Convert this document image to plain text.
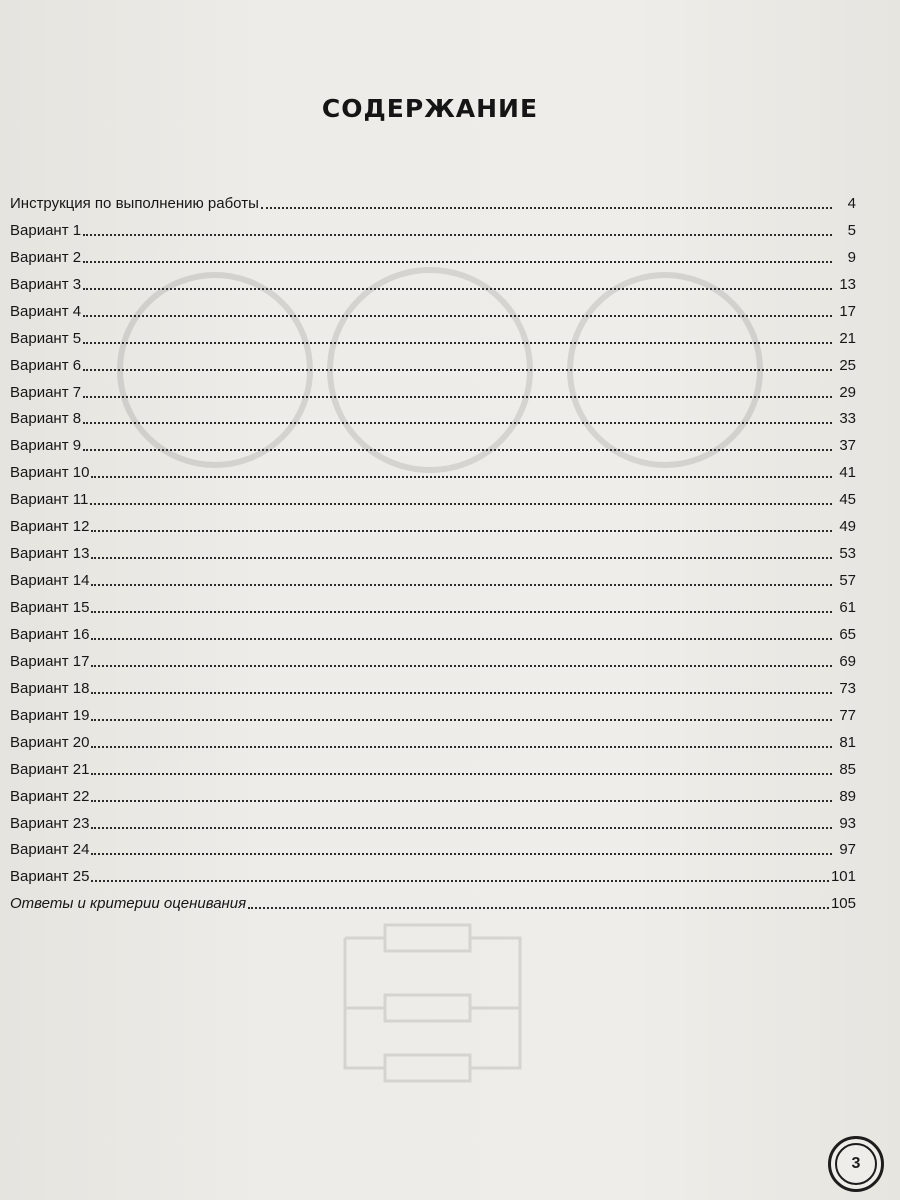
СОДЕРЖАНИЕ
Инструкция по выполнению работы	4
Вариант 1	5
Вариант 2	9
Вариант 3	13
Вариант 4	17
Вариант 5	21
Вариант 6	25
Вариант 7	29
Вариант 8	33
Вариант 9	37
Вариант 10	41
Вариант 11	45
Вариант 12	49
Вариант 13	53
Вариант 14	57
Вариант 15	61
Вариант 16	65
Вариант 17	69
Вариант 18	73
Вариант 19	77
Вариант 20	81
Вариант 21	85
Вариант 22	89
Вариант 23	93
Вариант 24	97
Вариант 25	101
Ответы и критерии оценивания	105
3
